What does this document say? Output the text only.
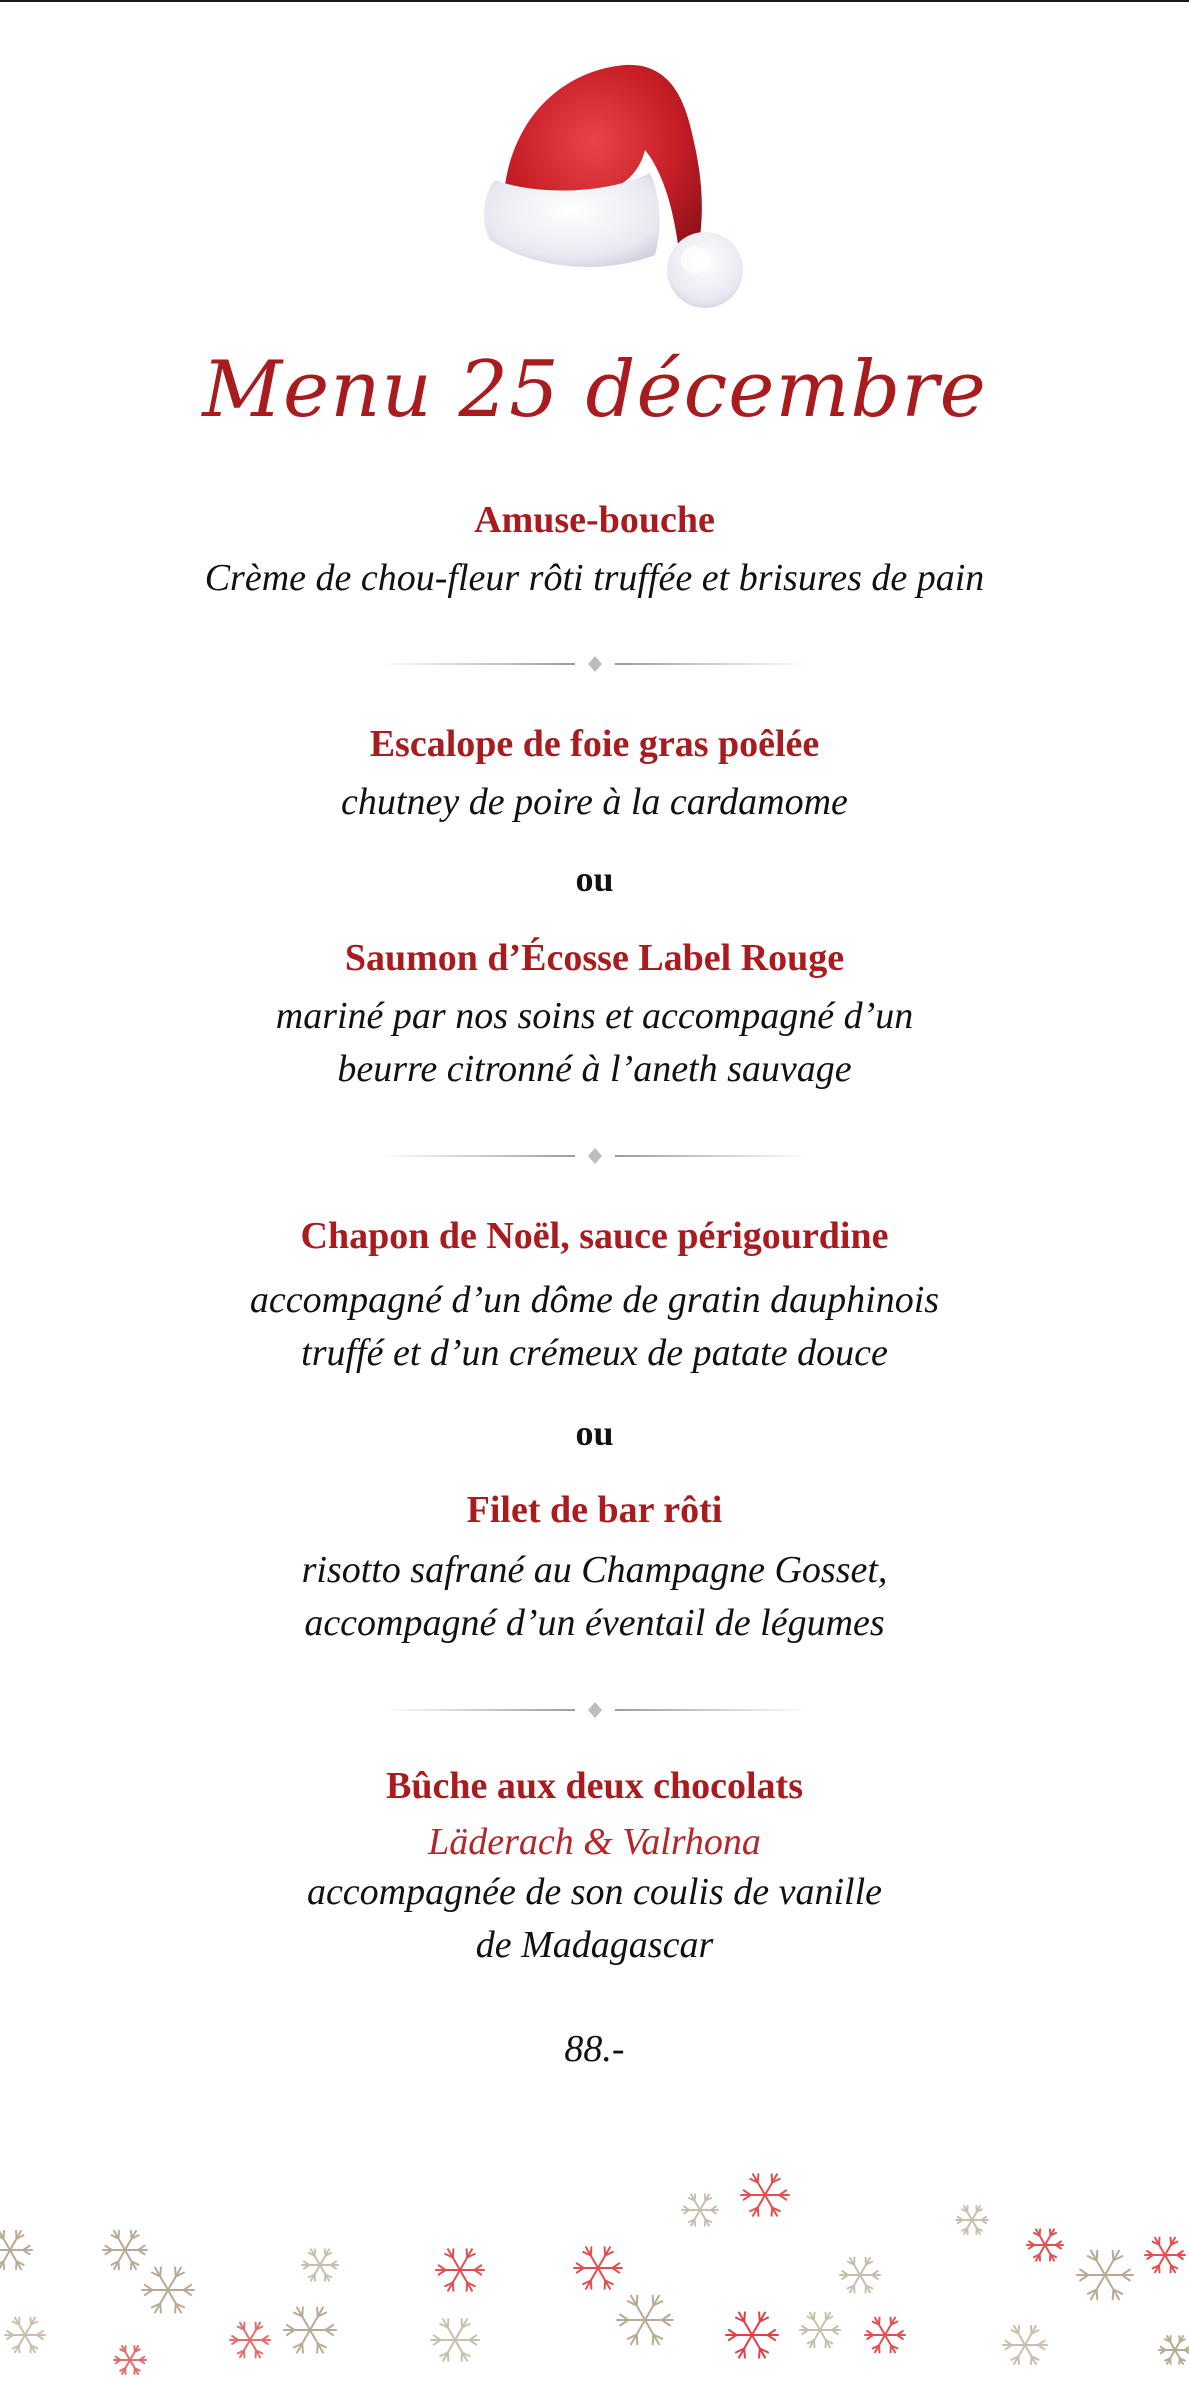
Menu 25 décembre
Amuse-bouche
Crème de chou-fleur rôti truffée et brisures de pain
Escalope de foie gras poêlée
chutney de poire à la cardamome
ou
Saumon d’Écosse Label Rouge
mariné par nos soins et accompagné d’un
beurre citronné à l’aneth sauvage
Chapon de Noël, sauce périgourdine
accompagné d’un dôme de gratin dauphinois
truffé et d’un crémeux de patate douce
ou
Filet de bar rôti
risotto safrané au Champagne Gosset,
accompagné d’un éventail de légumes
Bûche aux deux chocolats
Läderach & Valrhona
accompagnée de son coulis de vanille
de Madagascar
88.-
